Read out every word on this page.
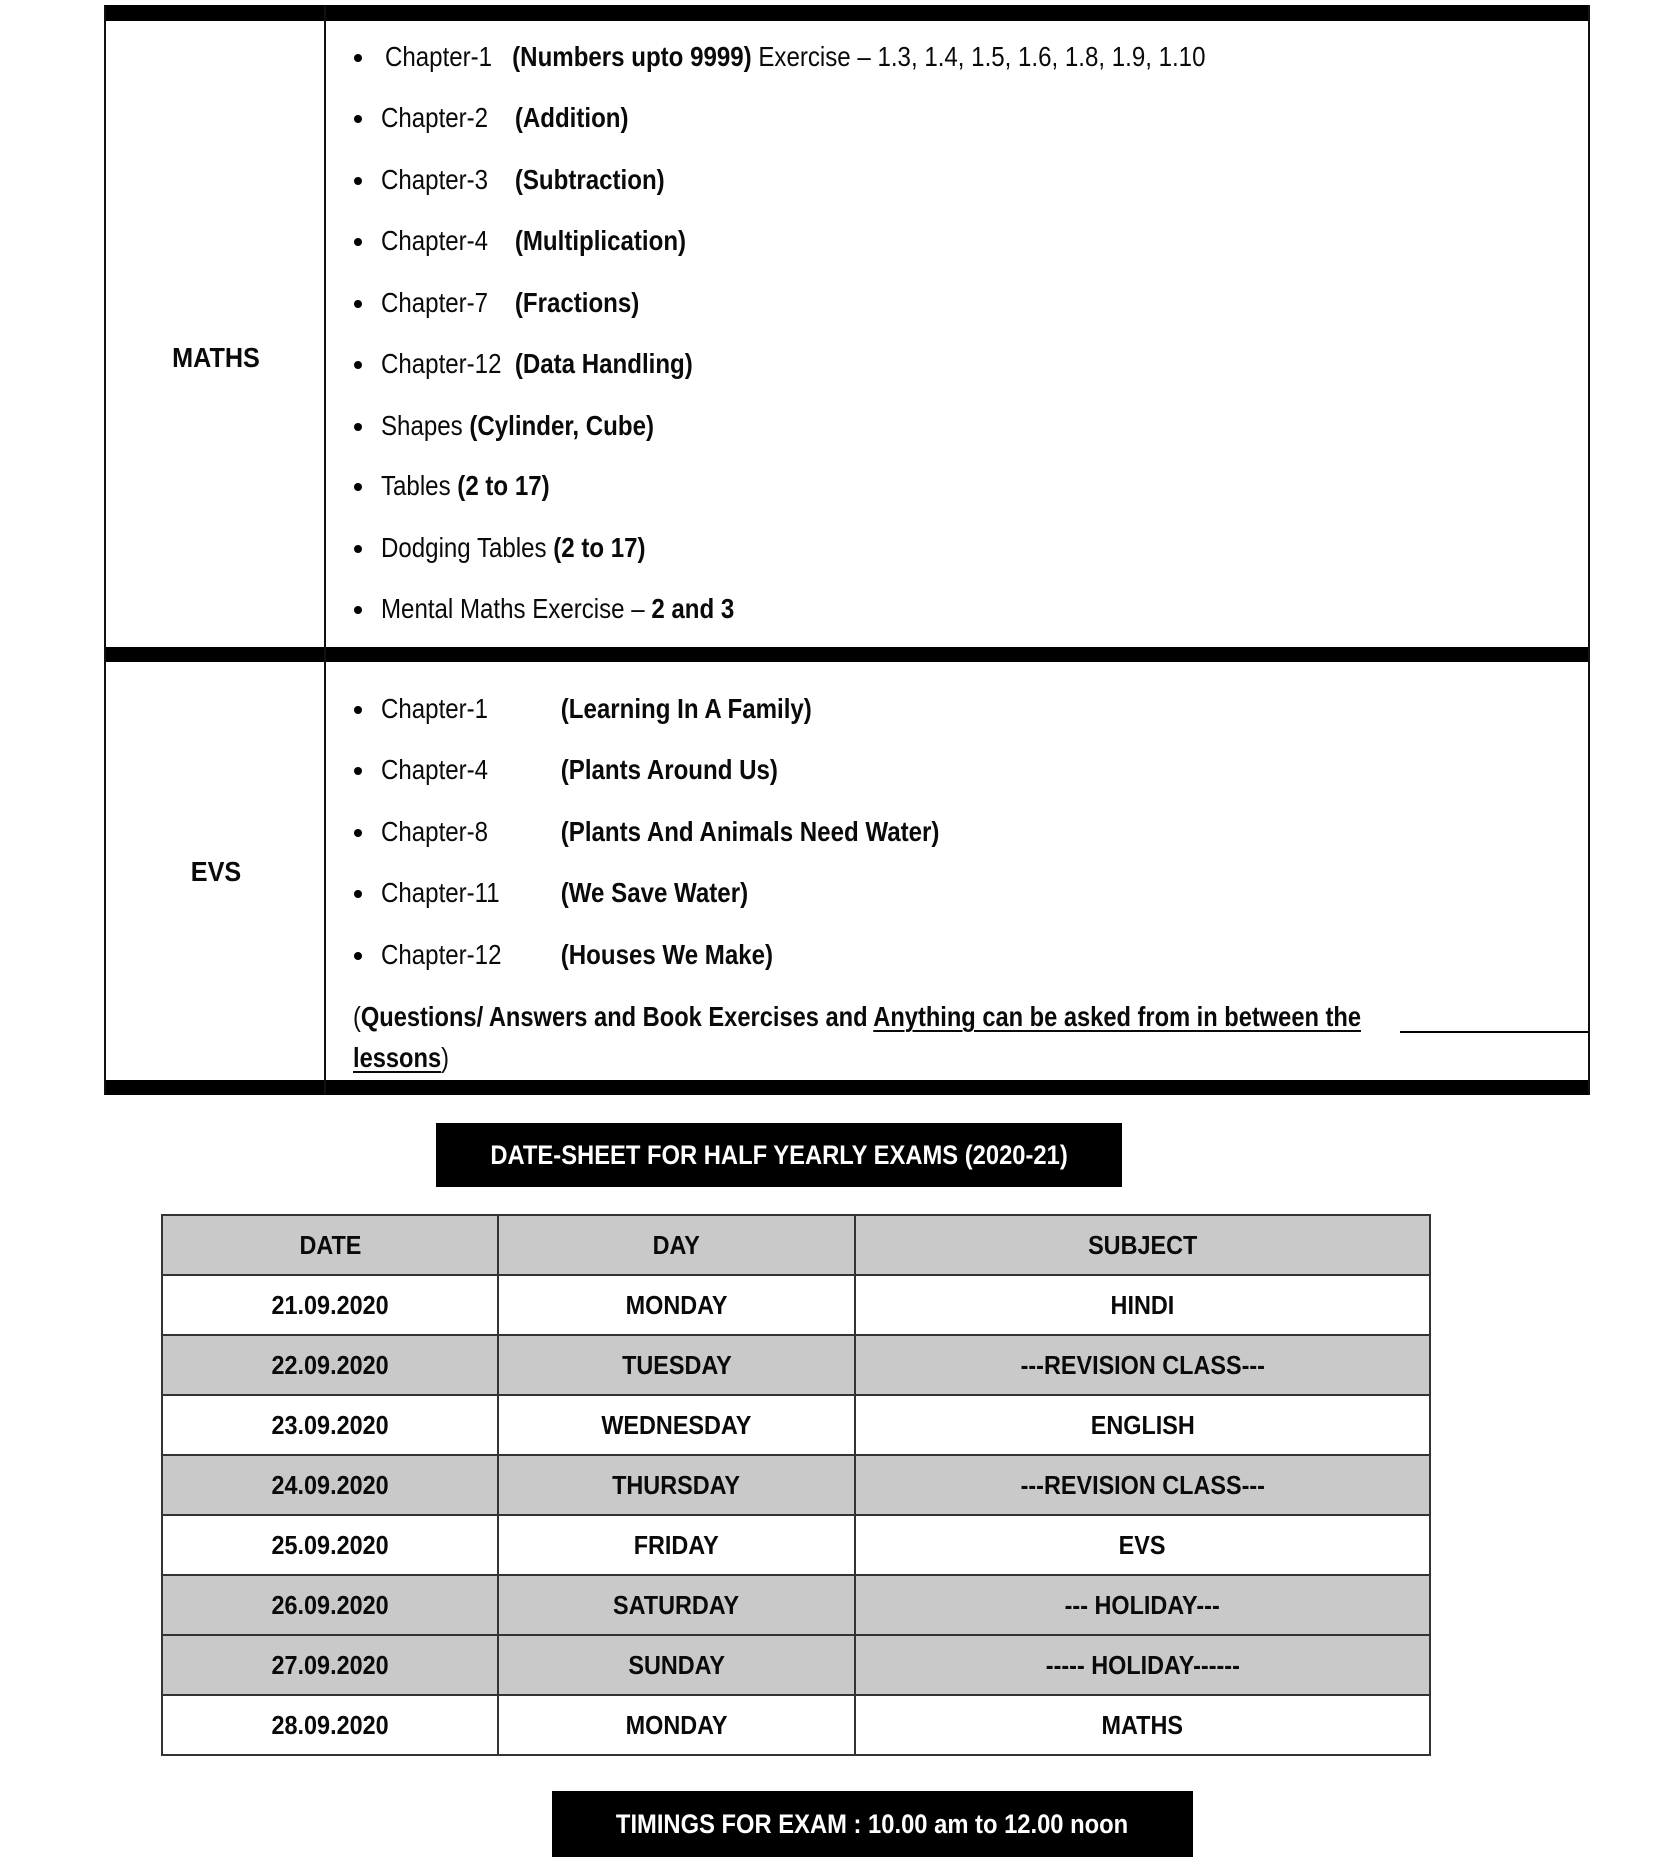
MATHS
Chapter-1 (Numbers upto 9999) Exercise – 1.3, 1.4, 1.5, 1.6, 1.8, 1.9, 1.10
Chapter-2 (Addition)
Chapter-3 (Subtraction)
Chapter-4 (Multiplication)
Chapter-7 (Fractions)
Chapter-12 (Data Handling)
Shapes (Cylinder, Cube)
Tables (2 to 17)
Dodging Tables (2 to 17)
Mental Maths Exercise – 2 and 3
EVS
Chapter-1	(Learning In A Family)
Chapter-4	(Plants Around Us)
Chapter-8	(Plants And Animals Need Water)
Chapter-11 (We Save Water)
Chapter-12 (Houses We Make)
(Questions/ Answers and Book Exercises and Anything can be asked from in between the
lessons)
DATE-SHEET FOR HALF YEARLY EXAMS (2020-21)
DATE	DAY	SUBJECT
21.09.2020	MONDAY	HINDI
22.09.2020	TUESDAY	---REVISION CLASS---
23.09.2020	WEDNESDAY	ENGLISH
24.09.2020	THURSDAY	---REVISION CLASS---
25.09.2020	FRIDAY	EVS
26.09.2020	SATURDAY	--- HOLIDAY---
27.09.2020	SUNDAY	----- HOLIDAY------
28.09.2020	MONDAY	MATHS
TIMINGS FOR EXAM : 10.00 am to 12.00 noon
